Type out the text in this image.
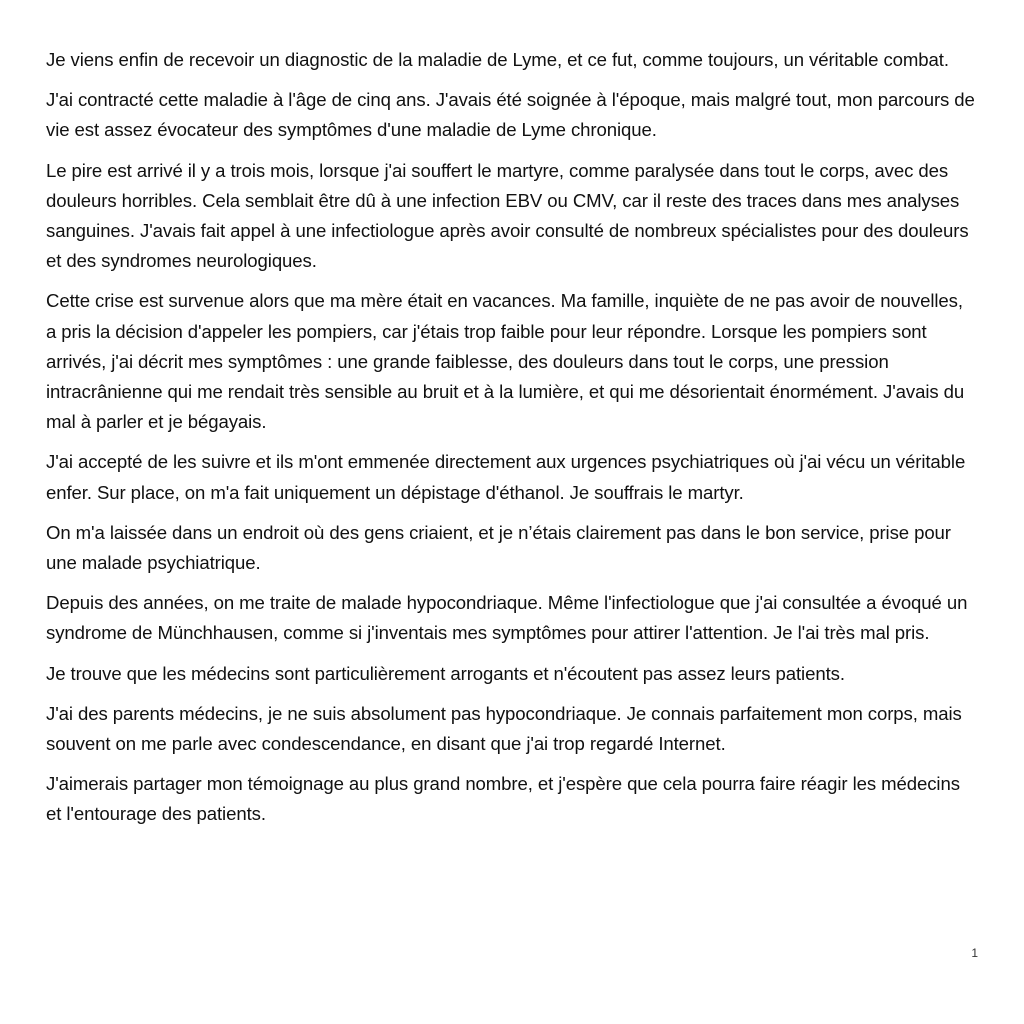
Je viens enfin de recevoir un diagnostic de la maladie de Lyme, et ce fut, comme toujours, un véritable combat.

J'ai contracté cette maladie à l'âge de cinq ans. J'avais été soignée à l'époque, mais malgré tout, mon parcours de vie est assez évocateur des symptômes d'une maladie de Lyme chronique.

Le pire est arrivé il y a trois mois, lorsque j'ai souffert le martyre, comme paralysée dans tout le corps, avec des douleurs horribles. Cela semblait être dû à une infection EBV ou CMV, car il reste des traces dans mes analyses sanguines. J'avais fait appel à une infectiologue après avoir consulté de nombreux spécialistes pour des douleurs et des syndromes neurologiques.

Cette crise est survenue alors que ma mère était en vacances. Ma famille, inquiète de ne pas avoir de nouvelles, a pris la décision d'appeler les pompiers, car j'étais trop faible pour leur répondre. Lorsque les pompiers sont arrivés, j'ai décrit mes symptômes : une grande faiblesse, des douleurs dans tout le corps, une pression intracrânienne qui me rendait très sensible au bruit et à la lumière, et qui me désorientait énormément. J'avais du mal à parler et je bégayais.

J'ai accepté de les suivre et ils m'ont emmenée directement aux urgences psychiatriques où j'ai vécu un véritable enfer. Sur place, on m'a fait uniquement un dépistage d'éthanol. Je souffrais le martyr.

On m'a laissée dans un endroit où des gens criaient, et je n’étais clairement pas dans le bon service, prise pour une malade psychiatrique.

Depuis des années, on me traite de malade hypocondriaque. Même l'infectiologue que j'ai consultée a évoqué un syndrome de Münchhausen, comme si j'inventais mes symptômes pour attirer l'attention. Je l'ai très mal pris.

Je trouve que les médecins sont particulièrement arrogants et n'écoutent pas assez leurs patients.

J'ai des parents médecins, je ne suis absolument pas hypocondriaque. Je connais parfaitement mon corps, mais souvent on me parle avec condescendance, en disant que j'ai trop regardé Internet.

J'aimerais partager mon témoignage au plus grand nombre, et j'espère que cela pourra faire réagir les médecins et l'entourage des patients.

1
